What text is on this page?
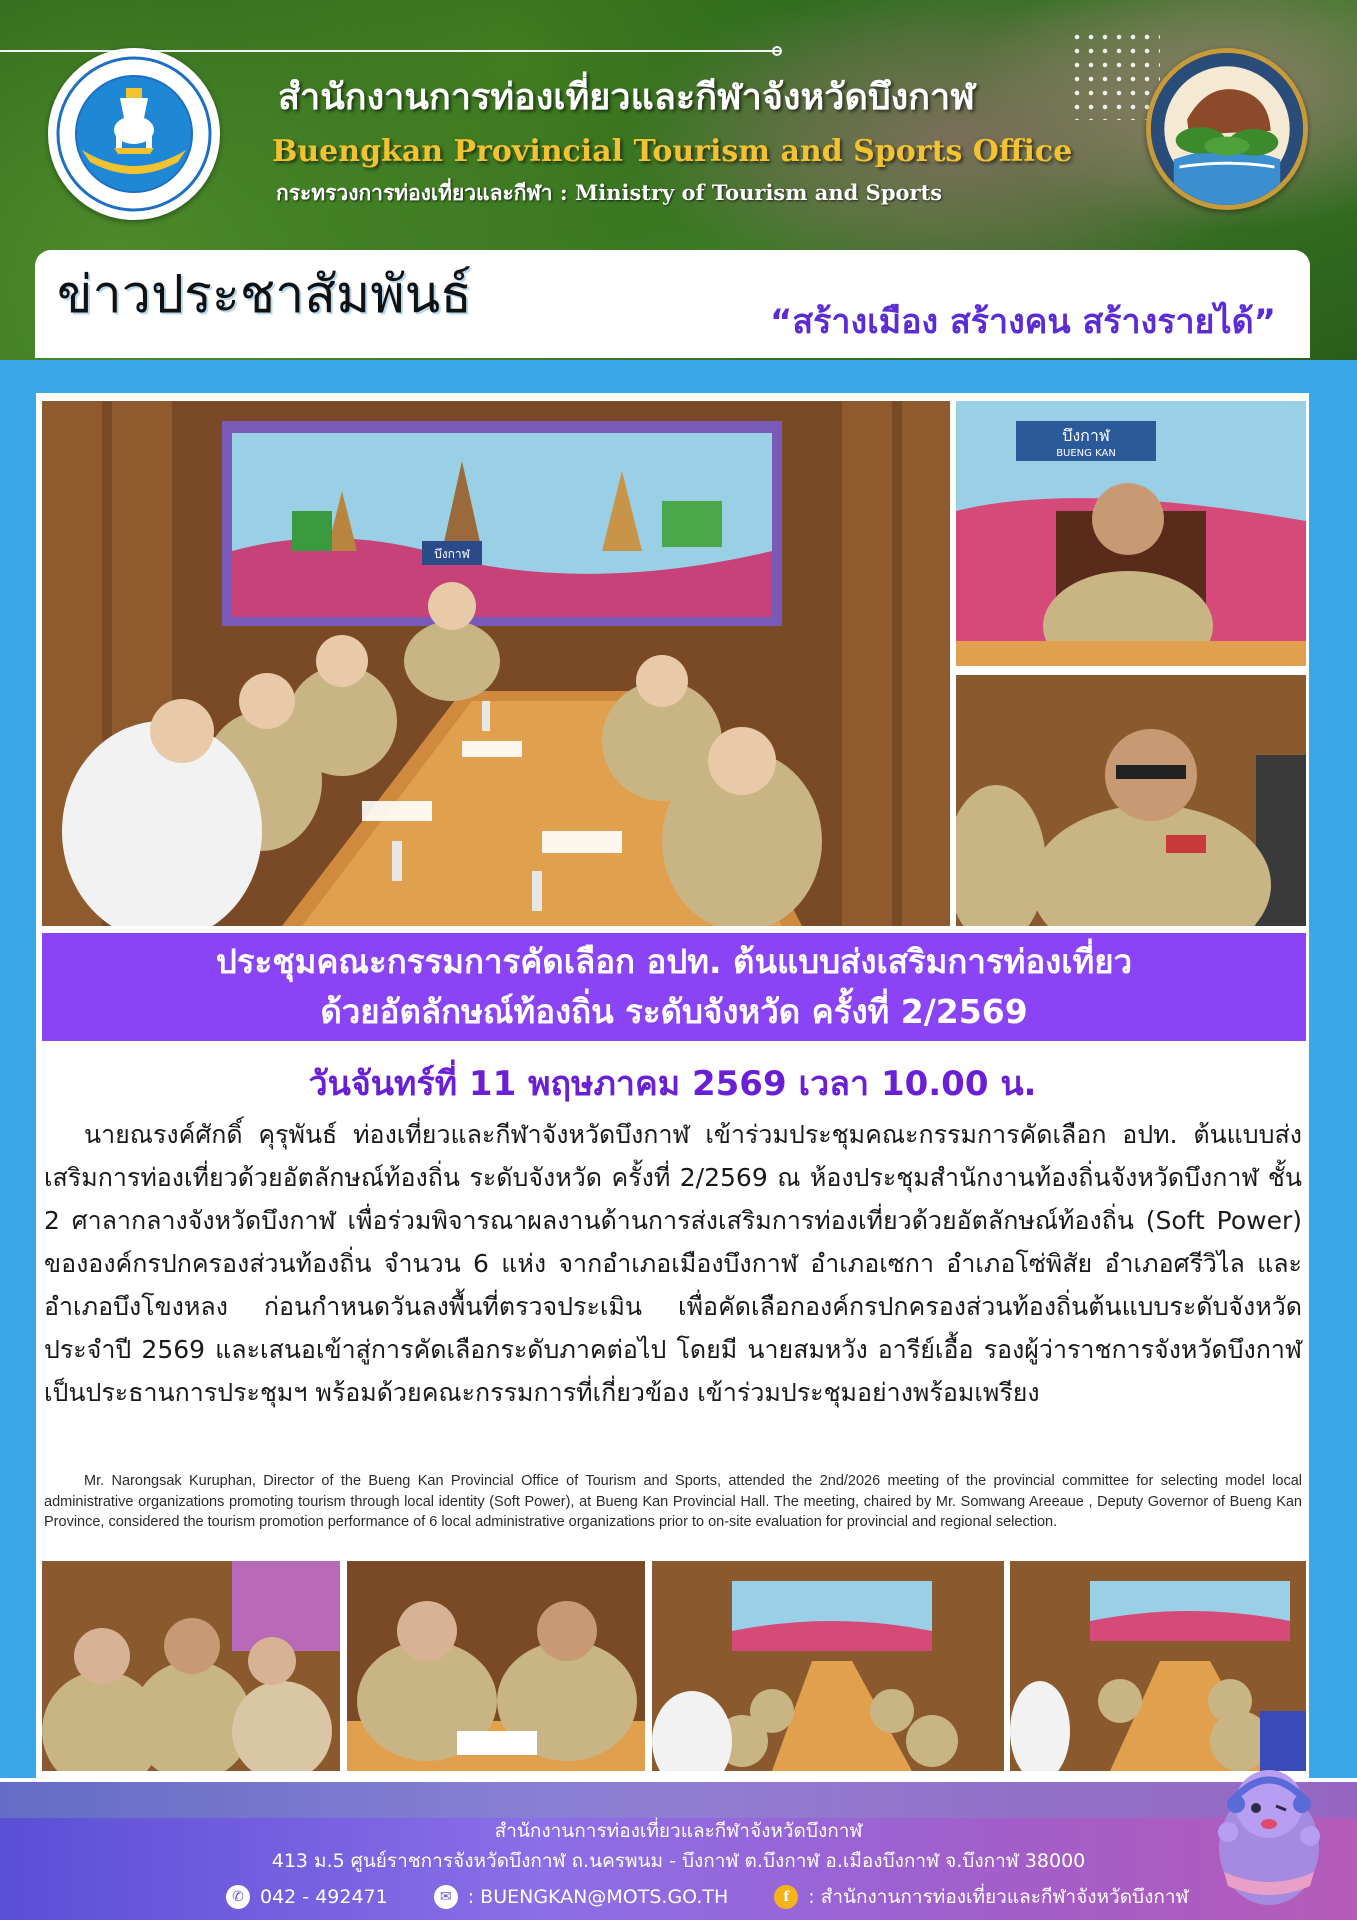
สำนักงานการท่องเที่ยวและกีฬาจังหวัดบึงกาฬ
Buengkan Provincial Tourism and Sports Office
กระทรวงการท่องเที่ยวและกีฬา : Ministry of Tourism and Sports
ข่าวประชาสัมพันธ์	“สร้างเมือง สร้างคน สร้างรายได้”
บึงกาฬ
บึงกาฬ
BUENG KAN
ประชุมคณะกรรมการคัดเลือก อปท. ต้นแบบส่งเสริมการท่องเที่ยว
ด้วยอัตลักษณ์ท้องถิ่น ระดับจังหวัด ครั้งที่ 2/2569
วันจันทร์ที่ 11 พฤษภาคม 2569 เวลา 10.00 น.

นายณรงค์ศักดิ์ คุรุพันธ์ ท่องเที่ยวและกีฬาจังหวัดบึงกาฬ เข้าร่วมประชุมคณะกรรมการคัดเลือก อปท. ต้นแบบส่งเสริมการท่องเที่ยวด้วยอัตลักษณ์ท้องถิ่น ระดับจังหวัด ครั้งที่ 2/2569 ณ ห้องประชุมสำนักงานท้องถิ่นจังหวัดบึงกาฬ ชั้น 2 ศาลากลางจังหวัดบึงกาฬ เพื่อร่วมพิจารณาผลงานด้านการส่งเสริมการท่องเที่ยวด้วยอัตลักษณ์ท้องถิ่น (Soft Power) ขององค์กรปกครองส่วนท้องถิ่น จำนวน 6 แห่ง จากอำเภอเมืองบึงกาฬ อำเภอเซกา อำเภอโซ่พิสัย อำเภอศรีวิไล และอำเภอบึงโขงหลง ก่อนกำหนดวันลงพื้นที่ตรวจประเมิน เพื่อคัดเลือกองค์กรปกครองส่วนท้องถิ่นต้นแบบระดับจังหวัด ประจำปี 2569 และเสนอเข้าสู่การคัดเลือกระดับภาคต่อไป โดยมี นายสมหวัง อารีย์เอื้อ รองผู้ว่าราชการจังหวัดบึงกาฬ เป็นประธานการประชุมฯ พร้อมด้วยคณะกรรมการที่เกี่ยวข้อง เข้าร่วมประชุมอย่างพร้อมเพรียง

Mr. Narongsak Kuruphan, Director of the Bueng Kan Provincial Office of Tourism and Sports, attended the 2nd/2026 meeting of the provincial committee for selecting model local administrative organizations promoting tourism through local identity (Soft Power), at Bueng Kan Provincial Hall. The meeting, chaired by Mr. Somwang Areeaue , Deputy Governor of Bueng Kan Province, considered the tourism promotion performance of 6 local administrative organizations prior to on-site evaluation for provincial and regional selection.

สำนักงานการท่องเที่ยวและกีฬาจังหวัดบึงกาฬ
413 ม.5 ศูนย์ราชการจังหวัดบึงกาฬ ถ.นครพนม - บึงกาฬ ต.บึงกาฬ อ.เมืองบึงกาฬ จ.บึงกาฬ 38000
✆ 042 - 492471	✉ : BUENGKAN@MOTS.GO.TH	f : สำนักงานการท่องเที่ยวและกีฬาจังหวัดบึงกาฬ
